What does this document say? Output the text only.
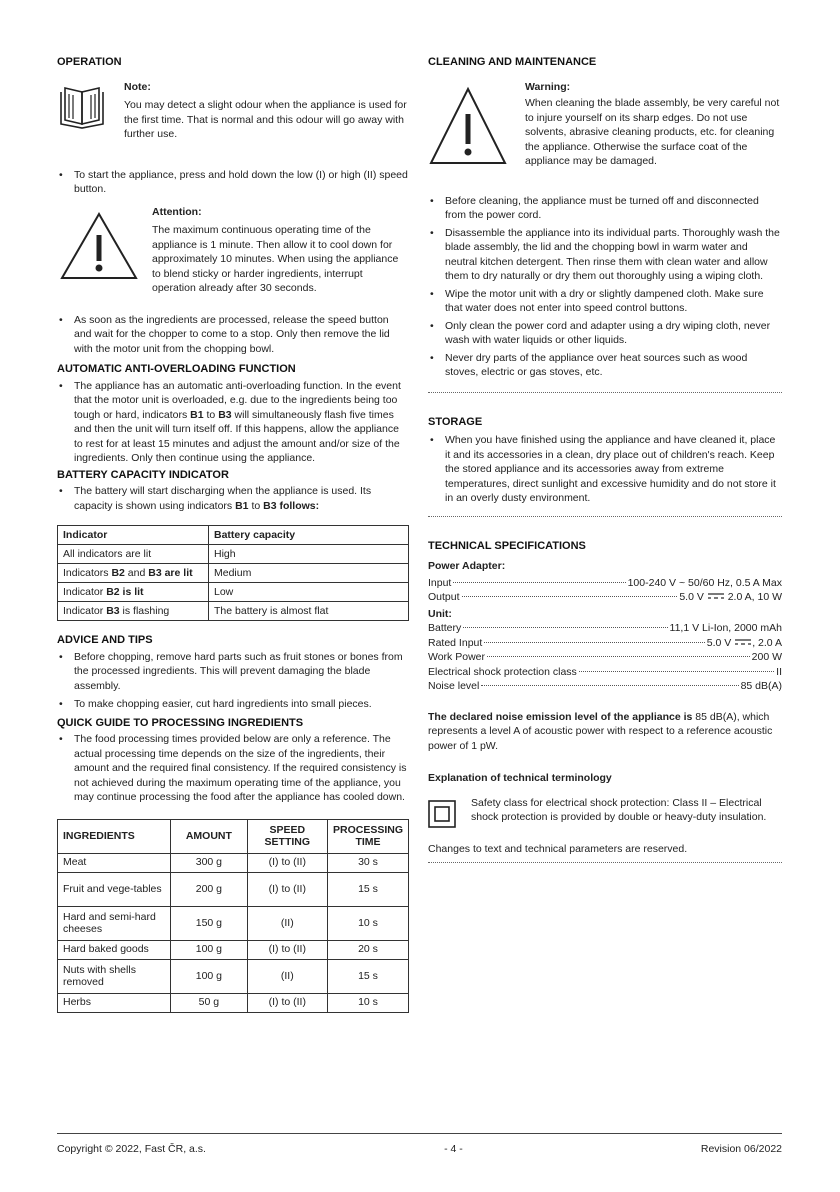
OPERATION

Note:

You may detect a slight odour when the appliance is used for the first time. That is normal and this odour will go away with further use.

• To start the appliance, press and hold down the low (I) or high (II) speed button.

Attention:

The maximum continuous operating time of the appliance is 1 minute. Then allow it to cool down for approximately 10 minutes. When using the appliance to blend sticky or harder ingredients, interrupt operation already after 30 seconds.

• As soon as the ingredients are processed, release the speed button and wait for the chopper to come to a stop. Only then remove the lid with the motor unit from the chopping bowl.

AUTOMATIC ANTI-OVERLOADING FUNCTION

• The appliance has an automatic anti-overloading function. In the event that the motor unit is overloaded, e.g. due to the ingredients being too tough or hard, indicators B1 to B3 will simultaneously flash five times and then the unit will turn itself off. If this happens, allow the appliance to rest for at least 15 minutes and adjust the amount and/or size of the ingredients. Only then continue using the appliance.

BATTERY CAPACITY INDICATOR

• The battery will start discharging when the appliance is used. Its capacity is shown using indicators B1 to B3 follows:
Indicator	Battery capacity
All indicators are lit	High
Indicators B2 and B3 are lit	Medium
Indicator B2 is lit	Low
Indicator B3 is flashing	The battery is almost flat

ADVICE AND TIPS

• Before chopping, remove hard parts such as fruit stones or bones from the processed ingredients. This will prevent damaging the blade assembly.
• To make chopping easier, cut hard ingredients into small pieces.

QUICK GUIDE TO PROCESSING INGREDIENTS

• The food processing times provided below are only a reference. The actual processing time depends on the size of the ingredients, their amount and the required final consistency. If the required consistency is not achieved during the maximum operating time of the appliance, you may continue processing the food after the appliance has cooled down.
INGREDIENTS	AMOUNT	SPEED SETTING	PROCESSING TIME
Meat	300 g	(I) to (II)	30 s
Fruit and vege-tables	200 g	(I) to (II)	15 s
Hard and semi-hard cheeses	150 g	(II)	10 s
Hard baked goods	100 g	(I) to (II)	20 s
Nuts with shells removed	100 g	(II)	15 s
Herbs	50 g	(I) to (II)	10 s

CLEANING AND MAINTENANCE

Warning:

When cleaning the blade assembly, be very careful not to injure yourself on its sharp edges. Do not use solvents, abrasive cleaning products, etc. for cleaning the appliance. Otherwise the surface coat of the appliance may be damaged.

• Before cleaning, the appliance must be turned off and disconnected from the power cord.
• Disassemble the appliance into its individual parts. Thoroughly wash the blade assembly, the lid and the chopping bowl in warm water and neutral kitchen detergent. Then rinse them with clean water and allow them to dry naturally or dry them out thoroughly using a wiping cloth.
• Wipe the motor unit with a dry or slightly dampened cloth. Make sure that water does not enter into speed control buttons.
• Only clean the power cord and adapter using a dry wiping cloth, never wash with water liquids or other liquids.
• Never dry parts of the appliance over heat sources such as wood stoves, electric or gas stoves, etc.

STORAGE

• When you have finished using the appliance and have cleaned it, place it and its accessories in a clean, dry place out of children's reach. Keep the stored appliance and its accessories away from extreme temperatures, direct sunlight and excessive humidity and do not store it in an overly dusty environment.

TECHNICAL SPECIFICATIONS

Power Adapter:

Input	100-240 V ~ 50/60 Hz, 0.5 A Max
Output	5.0 V 2.0 A, 10 W

Unit:

Battery	11,1 V Li-Ion, 2000 mAh
Rated Input	5.0 V , 2.0 A
Work Power	200 W
Electrical shock protection class	II
Noise level	85 dB(A)

The declared noise emission level of the appliance is 85 dB(A), which represents a level A of acoustic power with respect to a reference acoustic power of 1 pW.

Explanation of technical terminology

Safety class for electrical shock protection: Class II – Electrical shock protection is provided by double or heavy-duty insulation.

Changes to text and technical parameters are reserved.

Copyright © 2022, Fast ČR, a.s.	- 4 -	Revision 06/2022
